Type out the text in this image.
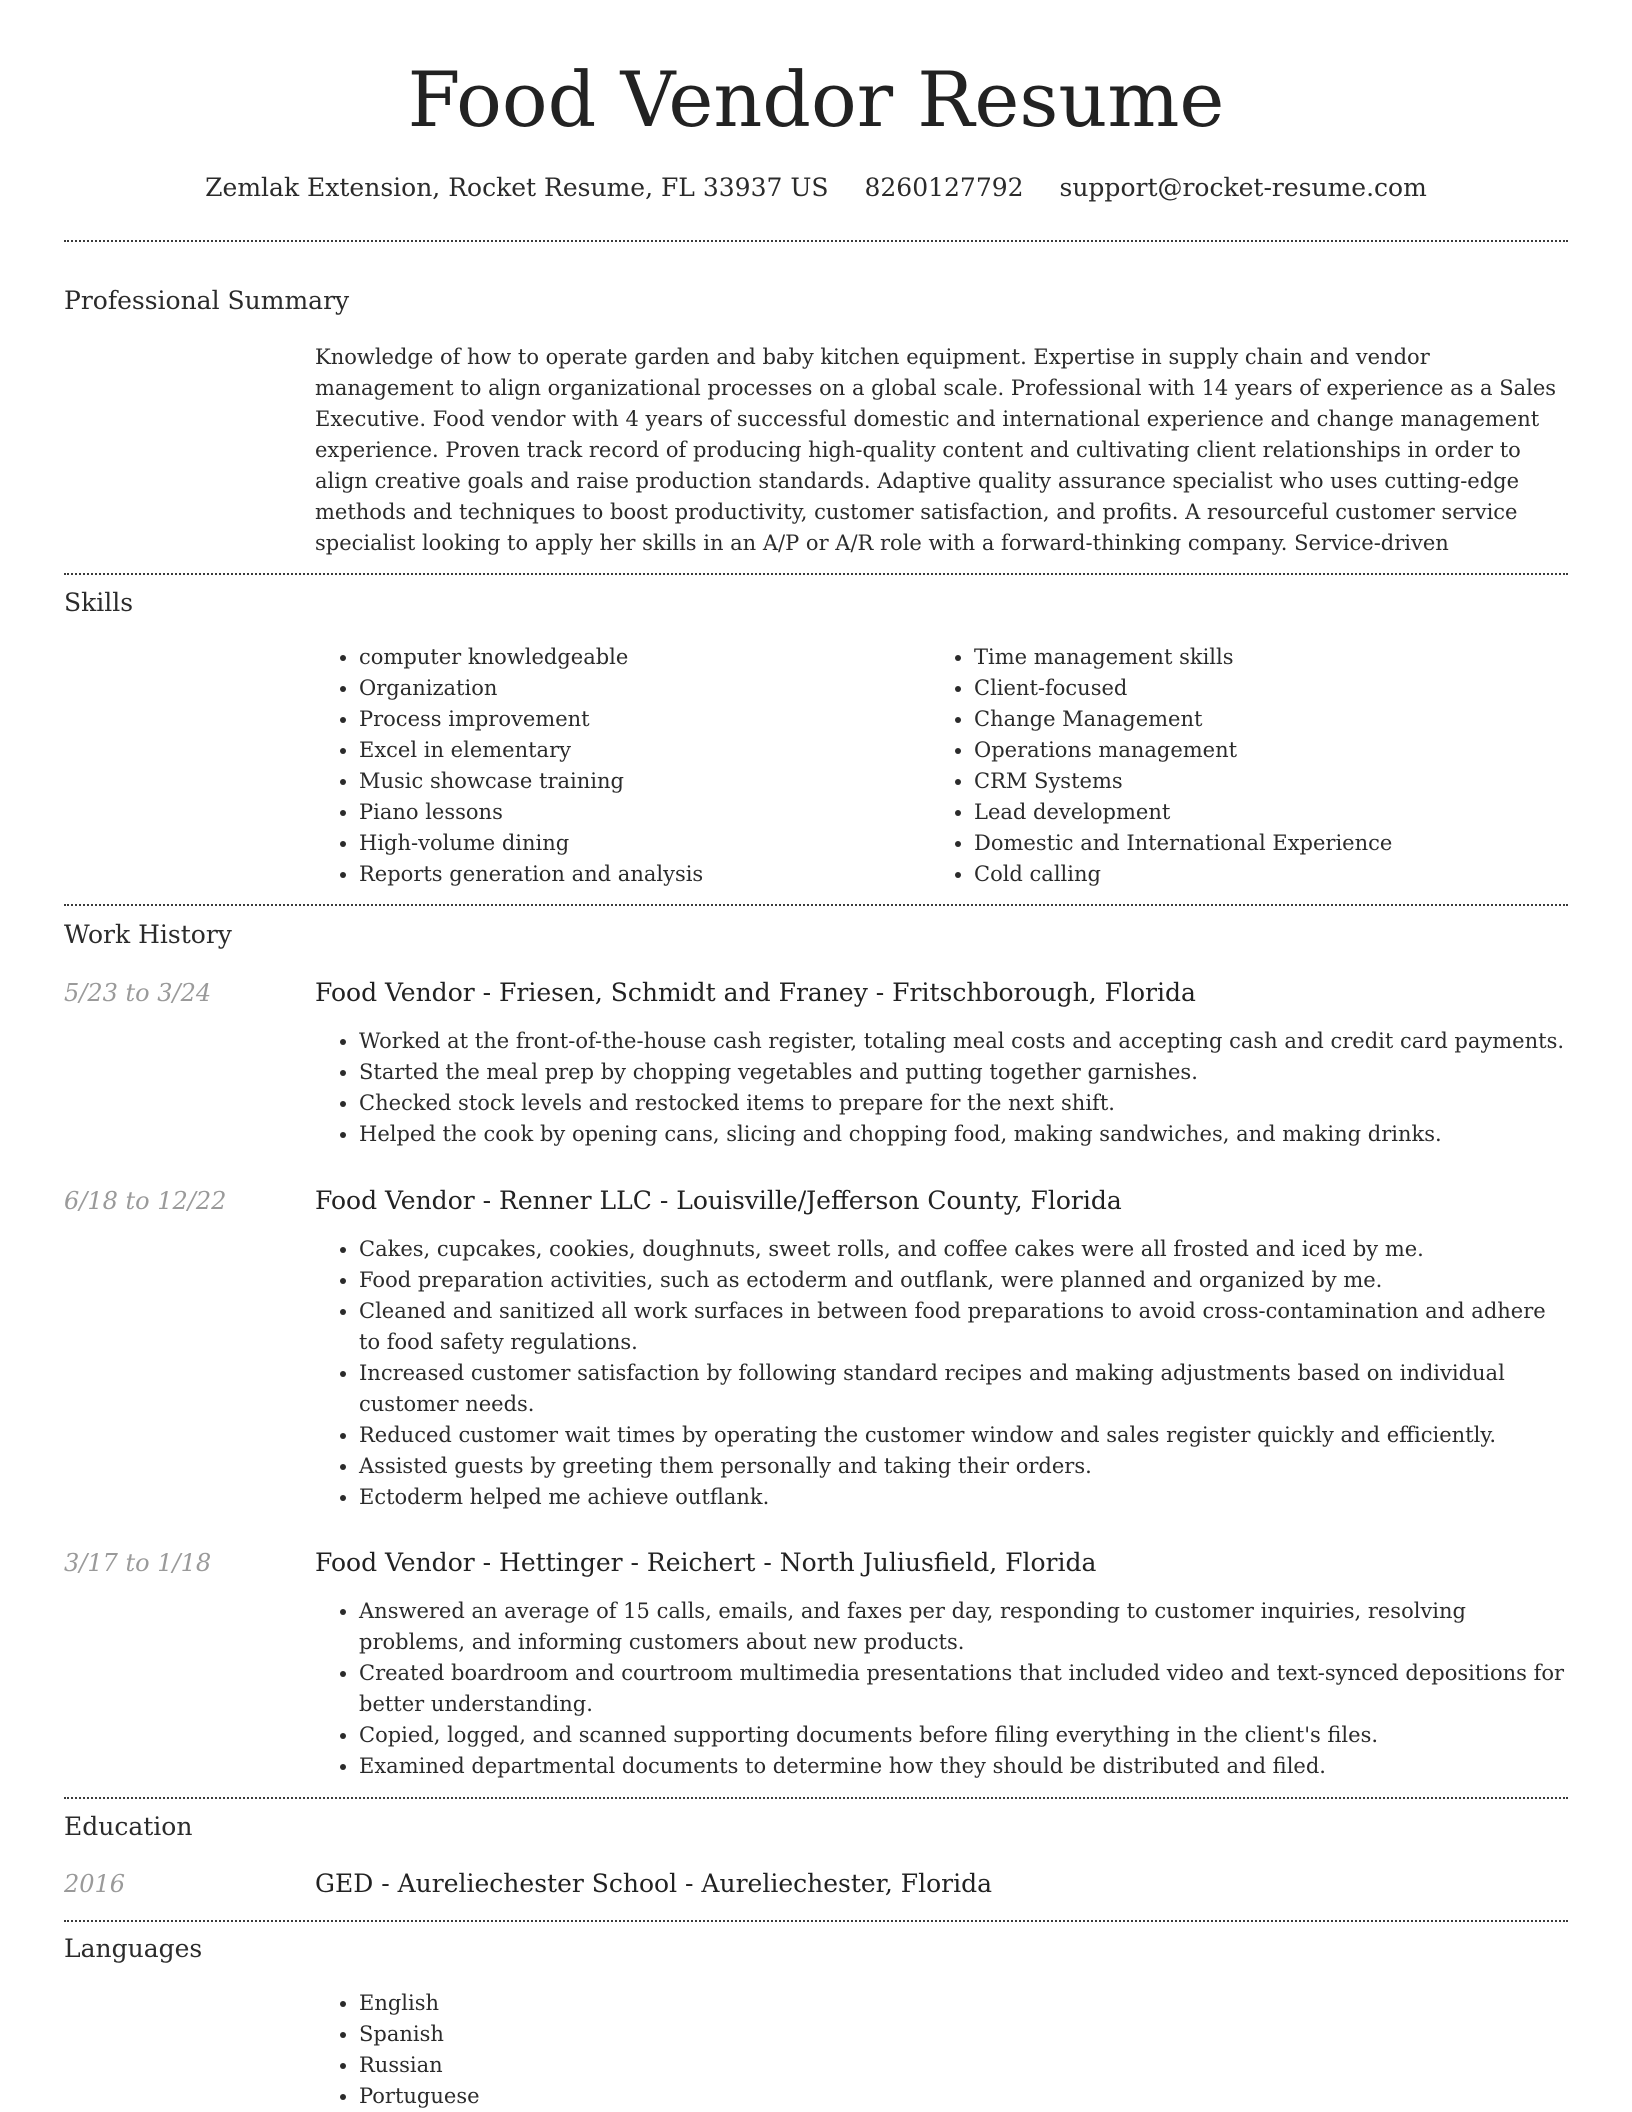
Food Vendor Resume
Zemlak Extension, Rocket Resume, FL 33937 US 8260127792 support@rocket-resume.com
Professional Summary

Knowledge of how to operate garden and baby kitchen equipment. Expertise in supply chain and vendor management to align organizational processes on a global scale. Professional with 14 years of experience as a Sales Executive. Food vendor with 4 years of successful domestic and international experience and change management experience. Proven track record of producing high-quality content and cultivating client relationships in order to align creative goals and raise production standards. Adaptive quality assurance specialist who uses cutting-edge methods and techniques to boost productivity, customer satisfaction, and profits. A resourceful customer service specialist looking to apply her skills in an A/P or A/R role with a forward-thinking company. Service-driven

Skills
• computer knowledgeable
• Organization
• Process improvement
• Excel in elementary
• Music showcase training
• Piano lessons
• High-volume dining
• Reports generation and analysis
• Time management skills
• Client-focused
• Change Management
• Operations management
• CRM Systems
• Lead development
• Domestic and International Experience
• Cold calling
Work History
5/23 to 3/24	Food Vendor - Friesen, Schmidt and Franey - Fritschborough, Florida
• Worked at the front-of-the-house cash register, totaling meal costs and accepting cash and credit card payments.
• Started the meal prep by chopping vegetables and putting together garnishes.
• Checked stock levels and restocked items to prepare for the next shift.
• Helped the cook by opening cans, slicing and chopping food, making sandwiches, and making drinks.
6/18 to 12/22	Food Vendor - Renner LLC - Louisville/Jefferson County, Florida
• Cakes, cupcakes, cookies, doughnuts, sweet rolls, and coffee cakes were all frosted and iced by me.
• Food preparation activities, such as ectoderm and outflank, were planned and organized by me.
• Cleaned and sanitized all work surfaces in between food preparations to avoid cross-contamination and adhere to food safety regulations.
• Increased customer satisfaction by following standard recipes and making adjustments based on individual customer needs.
• Reduced customer wait times by operating the customer window and sales register quickly and efficiently.
• Assisted guests by greeting them personally and taking their orders.
• Ectoderm helped me achieve outflank.
3/17 to 1/18	Food Vendor - Hettinger - Reichert - North Juliusfield, Florida
• Answered an average of 15 calls, emails, and faxes per day, responding to customer inquiries, resolving problems, and informing customers about new products.
• Created boardroom and courtroom multimedia presentations that included video and text-synced depositions for better understanding.
• Copied, logged, and scanned supporting documents before filing everything in the client's files.
• Examined departmental documents to determine how they should be distributed and filed.
Education
2016	GED - Aureliechester School - Aureliechester, Florida
Languages
• English
• Spanish
• Russian
• Portuguese
